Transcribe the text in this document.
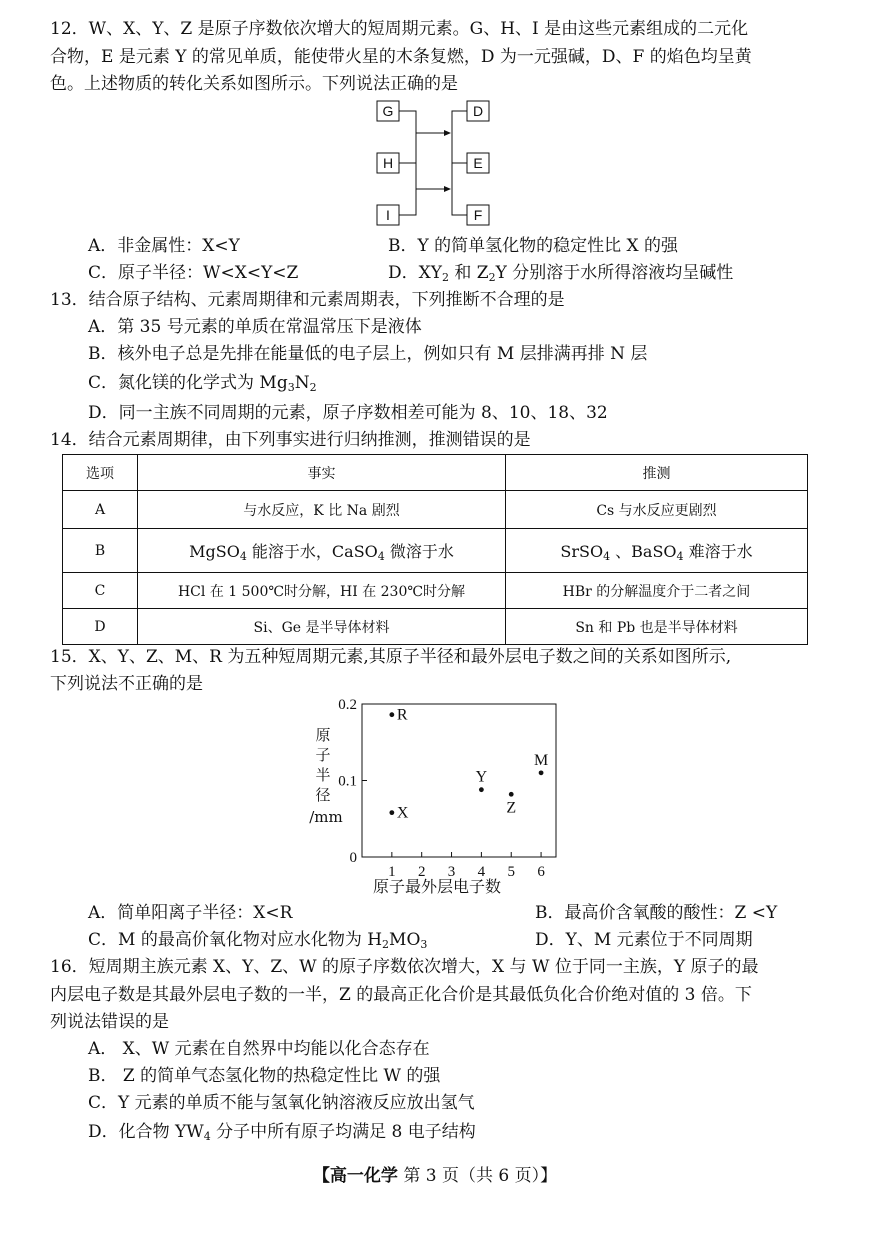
12．W、X、Y、Z 是原子序数依次增大的短周期元素。G、H、I 是由这些元素组成的二元化
合物，E 是元素 Y 的常见单质，能使带火星的木条复燃，D 为一元强碱，D、F 的焰色均呈黄
色。上述物质的转化关系如图所示。下列说法正确的是
G	D
H	E
I	F
A．非金属性：X<Y	B．Y 的简单氢化物的稳定性比 X 的强
C．原子半径：W<X<Y<Z	D．$XY_2$ 和 $Z_2Y$ 分别溶于水所得溶液均呈碱性
13．结合原子结构、元素周期律和元素周期表，下列推断不合理的是
A．第 35 号元素的单质在常温常压下是液体
B．核外电子总是先排在能量低的电子层上，例如只有 M 层排满再排 N 层
C．氮化镁的化学式为 $Mg_3N_2$
D．同一主族不同周期的元素，原子序数相差可能为 8、10、18、32
14．结合元素周期律，由下列事实进行归纳推测，推测错误的是
选项	事实	推测
A	与水反应，K 比 Na 剧烈	Cs 与水反应更剧烈
B	MgSO$_4$ 能溶于水，CaSO$_4$ 微溶于水	SrSO$_4$ 、BaSO$_4$ 难溶于水
C	HCl 在 1 500℃时分解，HI 在 230℃时分解	HBr 的分解温度介于二者之间
D	Si、Ge 是半导体材料	Sn 和 Pb 也是半导体材料
15．X、Y、Z、M、R 为五种短周期元素,其原子半径和最外层电子数之间的关系如图所示,
下列说法不正确的是
1 2 3 4 5 6
0
0.1
0.2
原
子
半
径
/mm
R
X
Y
Z
M
原子最外层电子数
A．简单阳离子半径：X<R	B．最高价含氧酸的酸性：Z <Y
C．M 的最高价氧化物对应水化物为 $H_2MO_3$	D．Y、M 元素位于不同周期
16．短周期主族元素 X、Y、Z、W 的原子序数依次增大，X 与 W 位于同一主族，Y 原子的最
内层电子数是其最外层电子数的一半，Z 的最高正化合价是其最低负化合价绝对值的 3 倍。下
列说法错误的是
A． X、W 元素在自然界中均能以化合态存在
B． Z 的简单气态氢化物的热稳定性比 W 的强
C．Y 元素的单质不能与氢氧化钠溶液反应放出氢气
D．化合物 $YW_4$ 分子中所有原子均满足 8 电子结构
【高一化学 第 3 页（共 6 页）】
